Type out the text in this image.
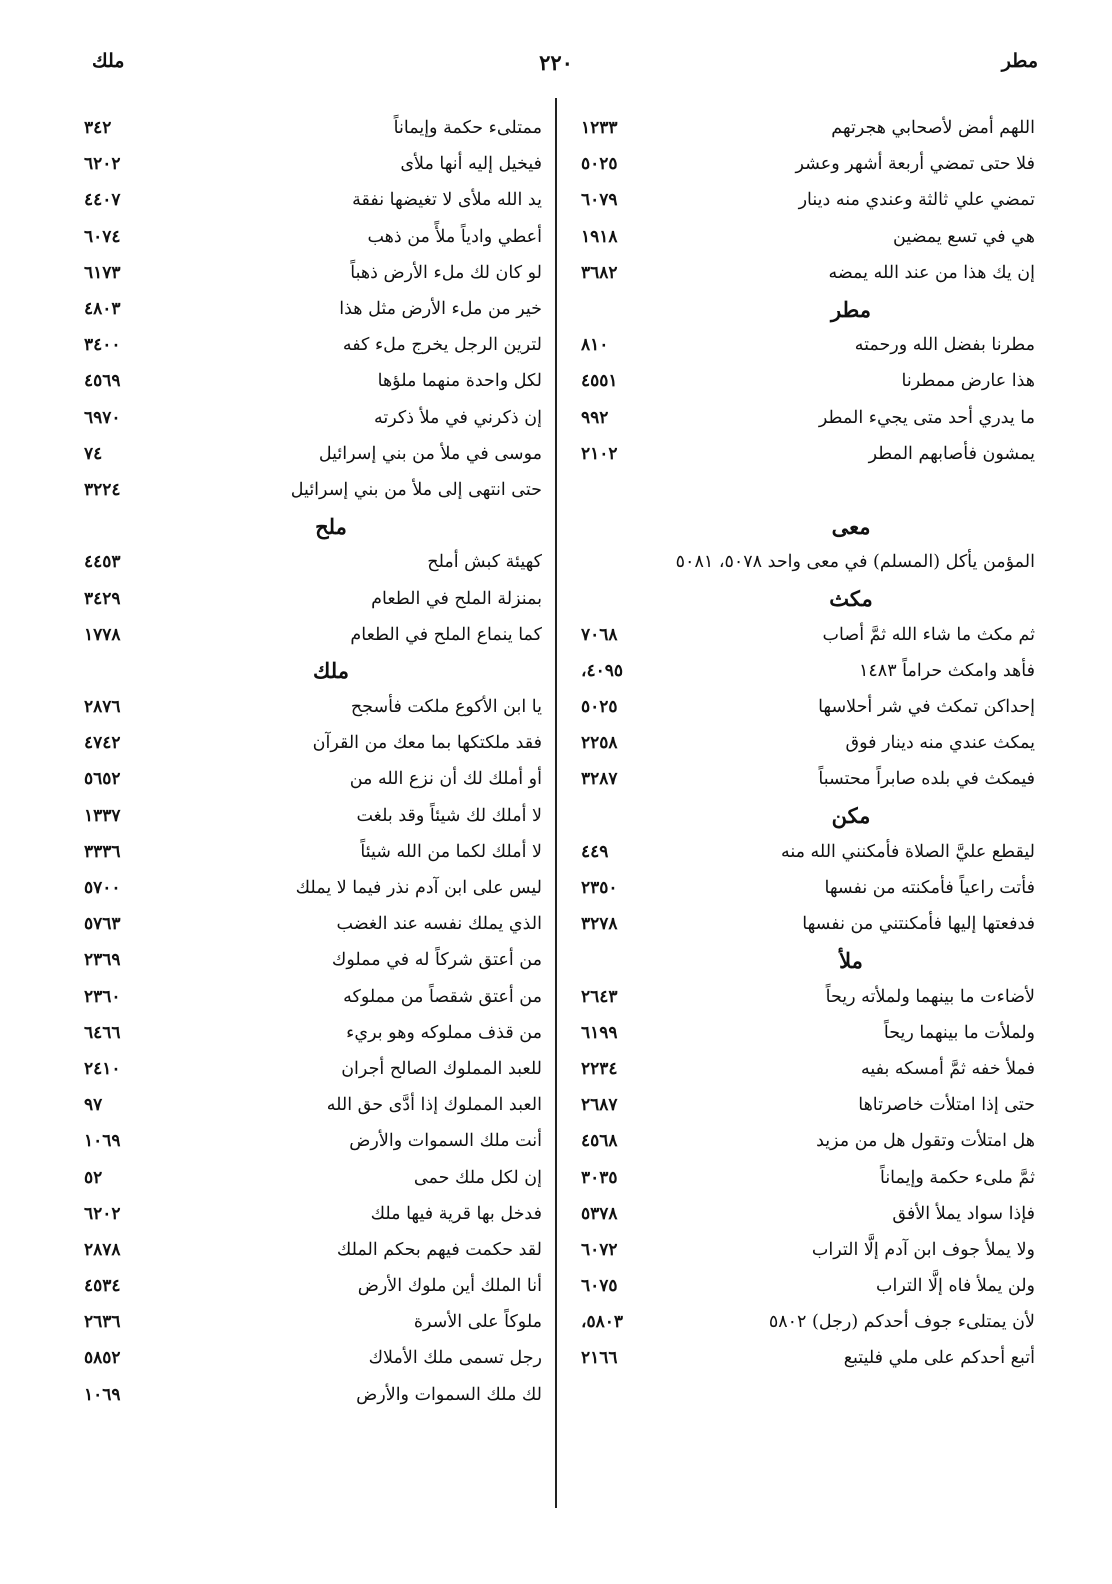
مطر
٢٢٠
ملك
اللهم أمض لأصحابي هجرتهم
١٢٣٣
فلا حتى تمضي أربعة أشهر وعشر
٥٠٢٥
تمضي علي ثالثة وعندي منه دينار
٦٠٧٩
هي في تسع يمضين
١٩١٨
إن يك هذا من عند الله يمضه
٣٦٨٢
مطر
مطرنا بفضل الله ورحمته
٨١٠
هذا عارض ممطرنا
٤٥٥١
ما يدري أحد متى يجيء المطر
٩٩٢
يمشون فأصابهم المطر
٢١٠٢
معى
المؤمن يأكل (المسلم) في معى واحد ٥٠٧٨، ٥٠٨١
مكث
ثم مكث ما شاء الله ثمَّ أصاب
٧٠٦٨
فأهد وامكث حراماً ١٤٨٣
٤٠٩٥،
إحداكن تمكث في شر أحلاسها
٥٠٢٥
يمكث عندي منه دينار فوق
٢٢٥٨
فيمكث في بلده صابراً محتسباً
٣٢٨٧
مكن
ليقطع عليَّ الصلاة فأمكنني الله منه
٤٤٩
فأتت راعياً فأمكنته من نفسها
٢٣٥٠
فدفعتها إليها فأمكنتني من نفسها
٣٢٧٨
ملأ
لأضاءت ما بينهما ولملأته ريحاً
٢٦٤٣
ولملأت ما بينهما ريحاً
٦١٩٩
فملأ خفه ثمَّ أمسكه بفيه
٢٢٣٤
حتى إذا امتلأت خاصرتاها
٢٦٨٧
هل امتلأت وتقول هل من مزيد
٤٥٦٨
ثمَّ ملىء حكمة وإيماناً
٣٠٣٥
فإذا سواد يملأ الأفق
٥٣٧٨
ولا يملأ جوف ابن آدم إلَّا التراب
٦٠٧٢
ولن يملأ فاه إلَّا التراب
٦٠٧٥
لأن يمتلىء جوف أحدكم (رجل) ٥٨٠٢
٥٨٠٣،
أتبع أحدكم على ملي فليتبع
٢١٦٦
ممتلىء حكمة وإيماناً
٣٤٢
فيخيل إليه أنها ملأى
٦٢٠٢
يد الله ملأى لا تغيضها نفقة
٤٤٠٧
أعطي وادياً ملأً من ذهب
٦٠٧٤
لو كان لك ملء الأرض ذهباً
٦١٧٣
خير من ملء الأرض مثل هذا
٤٨٠٣
لترين الرجل يخرج ملء كفه
٣٤٠٠
لكل واحدة منهما ملؤها
٤٥٦٩
إن ذكرني في ملأ ذكرته
٦٩٧٠
موسى في ملأ من بني إسرائيل
٧٤
حتى انتهى إلى ملأ من بني إسرائيل
٣٢٢٤
ملح
كهيئة كبش أملح
٤٤٥٣
بمنزلة الملح في الطعام
٣٤٢٩
كما ينماع الملح في الطعام
١٧٧٨
ملك
يا ابن الأكوع ملكت فأسجح
٢٨٧٦
فقد ملكتكها بما معك من القرآن
٤٧٤٢
أو أملك لك أن نزع الله من
٥٦٥٢
لا أملك لك شيئاً وقد بلغت
١٣٣٧
لا أملك لكما من الله شيئاً
٣٣٣٦
ليس على ابن آدم نذر فيما لا يملك
٥٧٠٠
الذي يملك نفسه عند الغضب
٥٧٦٣
من أعتق شركاً له في مملوك
٢٣٦٩
من أعتق شقصاً من مملوكه
٢٣٦٠
من قذف مملوكه وهو بريء
٦٤٦٦
للعبد المملوك الصالح أجران
٢٤١٠
العبد المملوك إذا أدَّى حق الله
٩٧
أنت ملك السموات والأرض
١٠٦٩
إن لكل ملك حمى
٥٢
فدخل بها قرية فيها ملك
٦٢٠٢
لقد حكمت فيهم بحكم الملك
٢٨٧٨
أنا الملك أين ملوك الأرض
٤٥٣٤
ملوكاً على الأسرة
٢٦٣٦
رجل تسمى ملك الأملاك
٥٨٥٢
لك ملك السموات والأرض
١٠٦٩
